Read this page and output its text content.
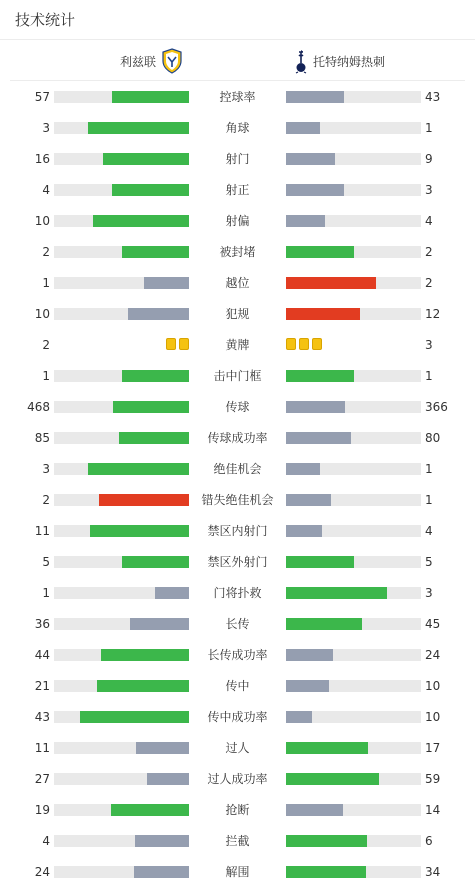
技术统计
利兹联	托特纳姆热刺
57	控球率	43
3	角球	1
16	射门	9
4	射正	3
10	射偏	4
2	被封堵	2
1	越位	2
10	犯规	12
2	黄牌	3
1	击中门框	1
468	传球	366
85	传球成功率	80
3	绝佳机会	1
2	错失绝佳机会	1
11	禁区内射门	4
5	禁区外射门	5
1	门将扑救	3
36	长传	45
44	长传成功率	24
21	传中	10
43	传中成功率	10
11	过人	17
27	过人成功率	59
19	抢断	14
4	拦截	6
24	解围	34
